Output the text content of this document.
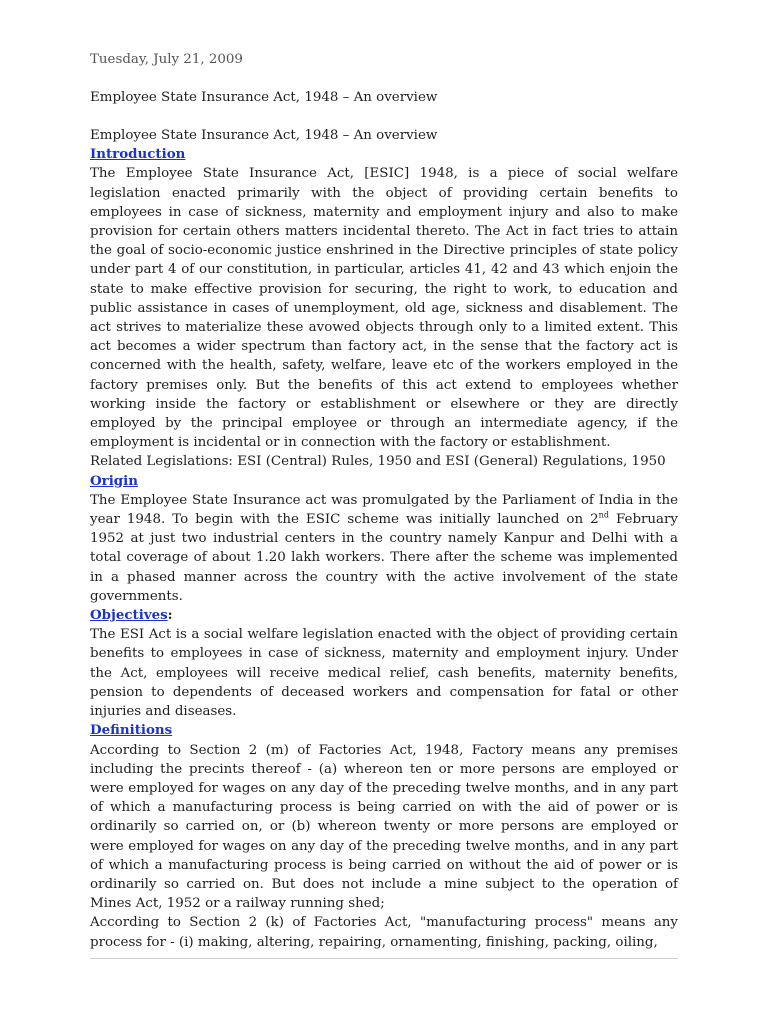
Tuesday, July 21, 2009
Employee State Insurance Act, 1948 – An overview
Employee State Insurance Act, 1948 – An overview
Introduction

The Employee State Insurance Act, [ESIC] 1948, is a piece of social welfare legislation enacted primarily with the object of providing certain benefits to employees in case of sickness, maternity and employment injury and also to make provision for certain others matters incidental thereto. The Act in fact tries to attain the goal of socio-economic justice enshrined in the Directive principles of state policy under part 4 of our constitution, in particular, articles 41, 42 and 43 which enjoin the state to make effective provision for securing, the right to work, to education and public assistance in cases of unemployment, old age, sickness and disablement. The act strives to materialize these avowed objects through only to a limited extent. This act becomes a wider spectrum than factory act, in the sense that the factory act is concerned with the health, safety, welfare, leave etc of the workers employed in the factory premises only. But the benefits of this act extend to employees whether working inside the factory or establishment or elsewhere or they are directly employed by the principal employee or through an intermediate agency, if the employment is incidental or in connection with the factory or establishment.

Related Legislations: ESI (Central) Rules, 1950 and ESI (General) Regulations, 1950

Origin

The Employee State Insurance act was promulgated by the Parliament of India in the year 1948. To begin with the ESIC scheme was initially launched on 2nd February 1952 at just two industrial centers in the country namely Kanpur and Delhi with a total coverage of about 1.20 lakh workers. There after the scheme was implemented in a phased manner across the country with the active involvement of the state governments.

Objectives:

The ESI Act is a social welfare legislation enacted with the object of providing certain benefits to employees in case of sickness, maternity and employment injury. Under the Act, employees will receive medical relief, cash benefits, maternity benefits, pension to dependents of deceased workers and compensation for fatal or other injuries and diseases.

Definitions

According to Section 2 (m) of Factories Act, 1948, Factory means any premises including the precints thereof - (a) whereon ten or more persons are employed or were employed for wages on any day of the preceding twelve months, and in any part of which a manufacturing process is being carried on with the aid of power or is ordinarily so carried on, or (b) whereon twenty or more persons are employed or were employed for wages on any day of the preceding twelve months, and in any part of which a manufacturing process is being carried on without the aid of power or is ordinarily so carried on. But does not include a mine subject to the operation of Mines Act, 1952 or a railway running shed;

According to Section 2 (k) of Factories Act, "manufacturing process" means any process for - (i) making, altering, repairing, ornamenting, finishing, packing, oiling,
